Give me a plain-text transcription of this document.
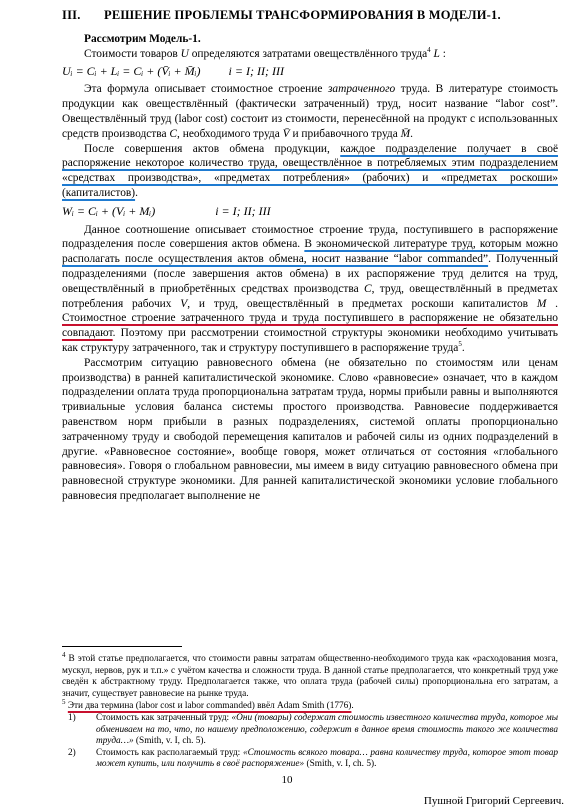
III. РЕШЕНИЕ ПРОБЛЕМЫ ТРАНСФОРМИРОВАНИЯ В МОДЕЛИ-1.

Рассмотрим Модель-1.

Стоимости товаров U определяются затратами овеществлённого труда$^4$ L :

Uᵢ = Cᵢ + Lᵢ = Cᵢ + (V̄ᵢ + M̄ᵢ) i = I; II; III

Эта формула описывает стоимостное строение затраченного труда. В литературе стоимость продукции как овеществлённый (фактически затраченный) труд, носит название “labor cost”. Овеществлённый труд (labor cost) состоит из стоимости, перенесённой на продукт с использованных средств производства C, необходимого труда V̄ и прибавочного труда M̄.

После совершения актов обмена продукции, каждое подразделение получает в своё распоряжение некоторое количество труда, овеществлённое в потребляемых этим подразделением «средствах производства», «предметах потребления» (рабочих) и «предметах роскоши» (капиталистов).

Wᵢ = Cᵢ + (Vᵢ + Mᵢ)	i = I; II; III

Данное соотношение описывает стоимостное строение труда, поступившего в распоряжение подразделения после совершения актов обмена. В экономической литературе труд, которым можно располагать после осуществления актов обмена, носит название “labor commanded”. Полученный подразделениями (после завершения актов обмена) в их распоряжение труд делится на труд, овеществлённый в приобретённых средствах производства C, труд, овеществлённый в предметах потребления рабочих V, и труд, овеществлённый в предметах роскоши капиталистов M . Стоимостное строение затраченного труда и труда поступившего в распоряжение не обязательно совпадают. Поэтому при рассмотрении стоимостной структуры экономики необходимо учитывать как структуру затраченного, так и структуру поступившего в распоряжение труда$^5$.

Рассмотрим ситуацию равновесного обмена (не обязательно по стоимостям или ценам производства) в ранней капиталистической экономике. Слово «равновесие» означает, что в каждом подразделении оплата труда пропорциональна затратам труда, нормы прибыли равны и выполняются тривиальные условия баланса системы простого производства. Равновесие поддерживается равенством норм прибыли в разных подразделениях, системой оплаты пропорционально затраченному труду и свободой перемещения капиталов и рабочей силы из одних подразделений в другие. «Равновесное состояние», вообще говоря, может отличаться от состояния «глобального равновесия». Говоря о глобальном равновесии, мы имеем в виду ситуацию равновесного обмена при равновесной структуре экономики. Для ранней капиталистической экономики условие глобального равновесия предполагает выполнение не

$^4$ В этой статье предполагается, что стоимости равны затратам общественно-необходимого труда как «расходования мозга, мускул, нервов, рук и т.п.» с учётом качества и сложности труда. В данной статье предполагается, что конкретный труд уже сведён к абстрактному труду. Предполагается также, что оплата труда (рабочей силы) пропорциональна его затратам, а значит, существует равновесие на рынке труда.

$^5$ Эти два термина (labor cost и labor commanded) ввёл Adam Smith (1776).

1)	Стоимость как затраченный труд: «Они (товары) содержат стоимость известного количества труда, которое мы обмениваем на то, что, по нашему предположению, содержит в данное время стоимость такого же количества труда…» (Smith, v. I, ch. 5).
2)	Стоимость как располагаемый труд: «Стоимость всякого товара… равна количеству труда, которое этот товар может купить, или получить в своё распоряжение» (Smith, v. I, ch. 5).
10
Пушной Григорий Сергеевич.
